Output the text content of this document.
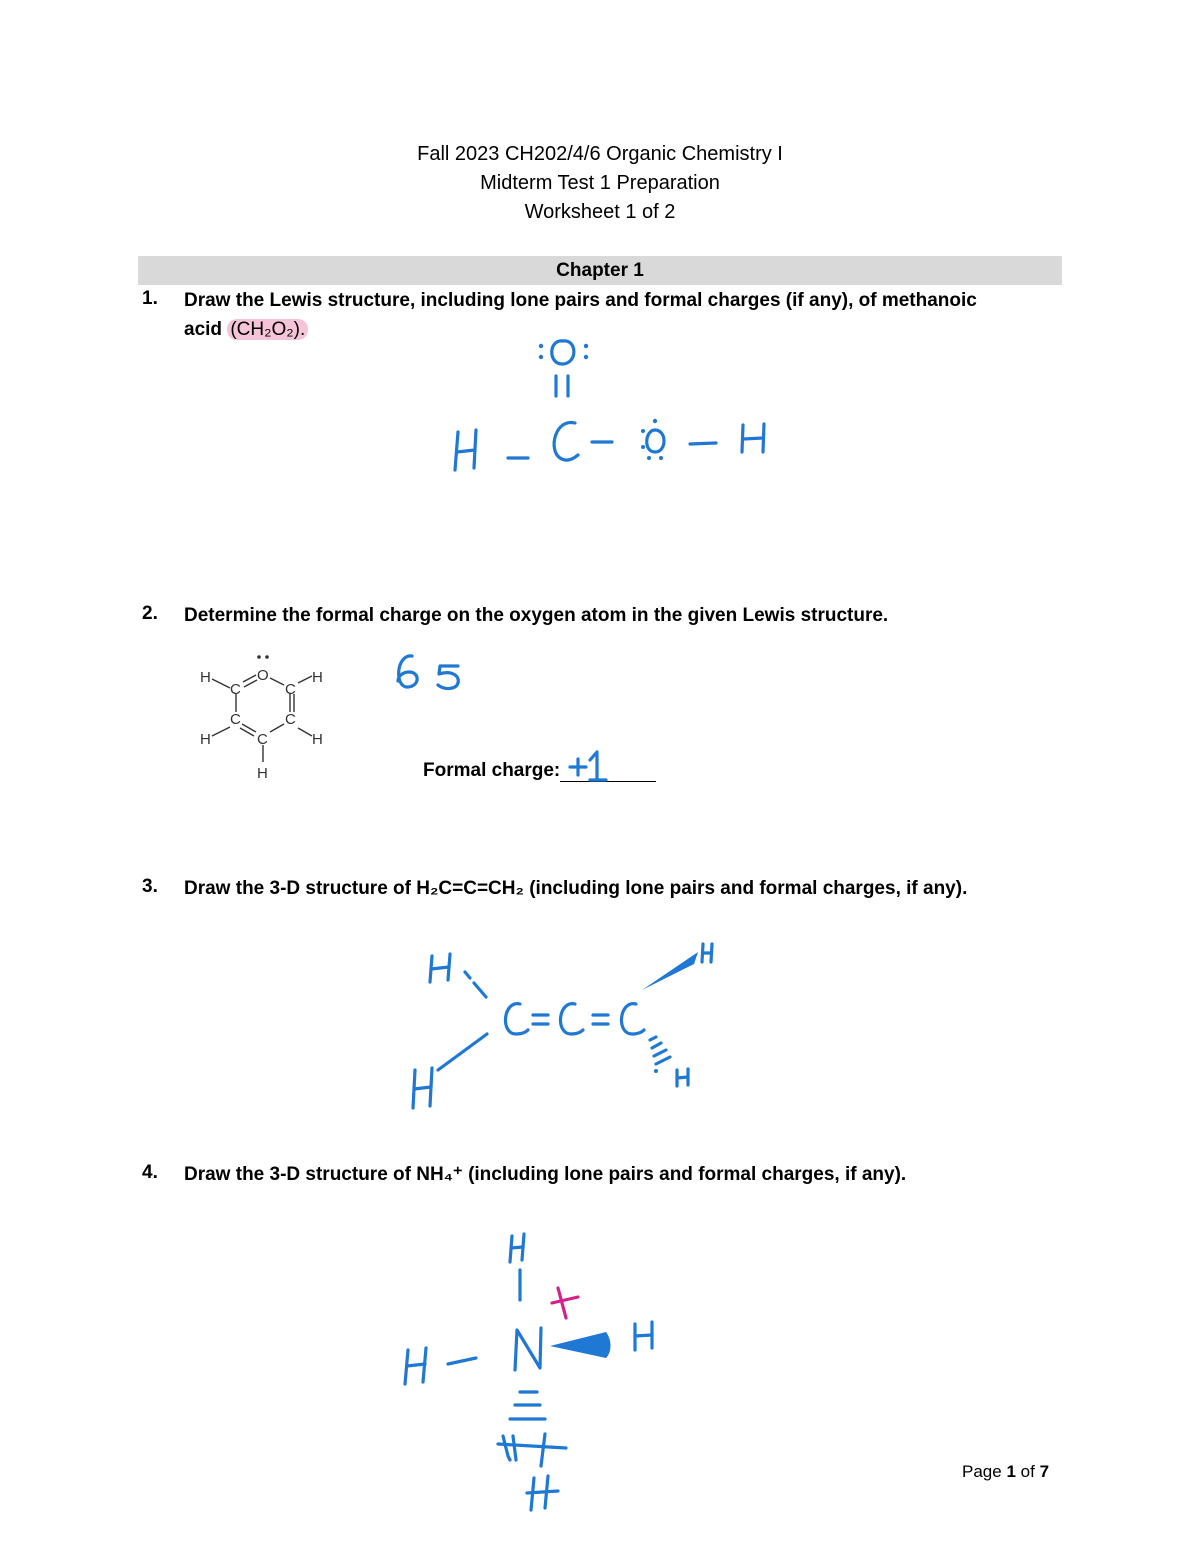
Fall 2023 CH202/4/6 Organic Chemistry I
Midterm Test 1 Preparation
Worksheet 1 of 2
Chapter 1
1. Draw the Lewis structure, including lone pairs and formal charges (if any), of methanoic
acid (CH₂O₂).
2. Determine the formal charge on the oxygen atom in the given Lewis structure.
Formal charge:
3. Draw the 3-D structure of H₂C=C=CH₂ (including lone pairs and formal charges, if any).
4. Draw the 3-D structure of NH₄⁺ (including lone pairs and formal charges, if any).
Page 1 of 7
H
C
O
C
H
C	C
H	H
C
H
